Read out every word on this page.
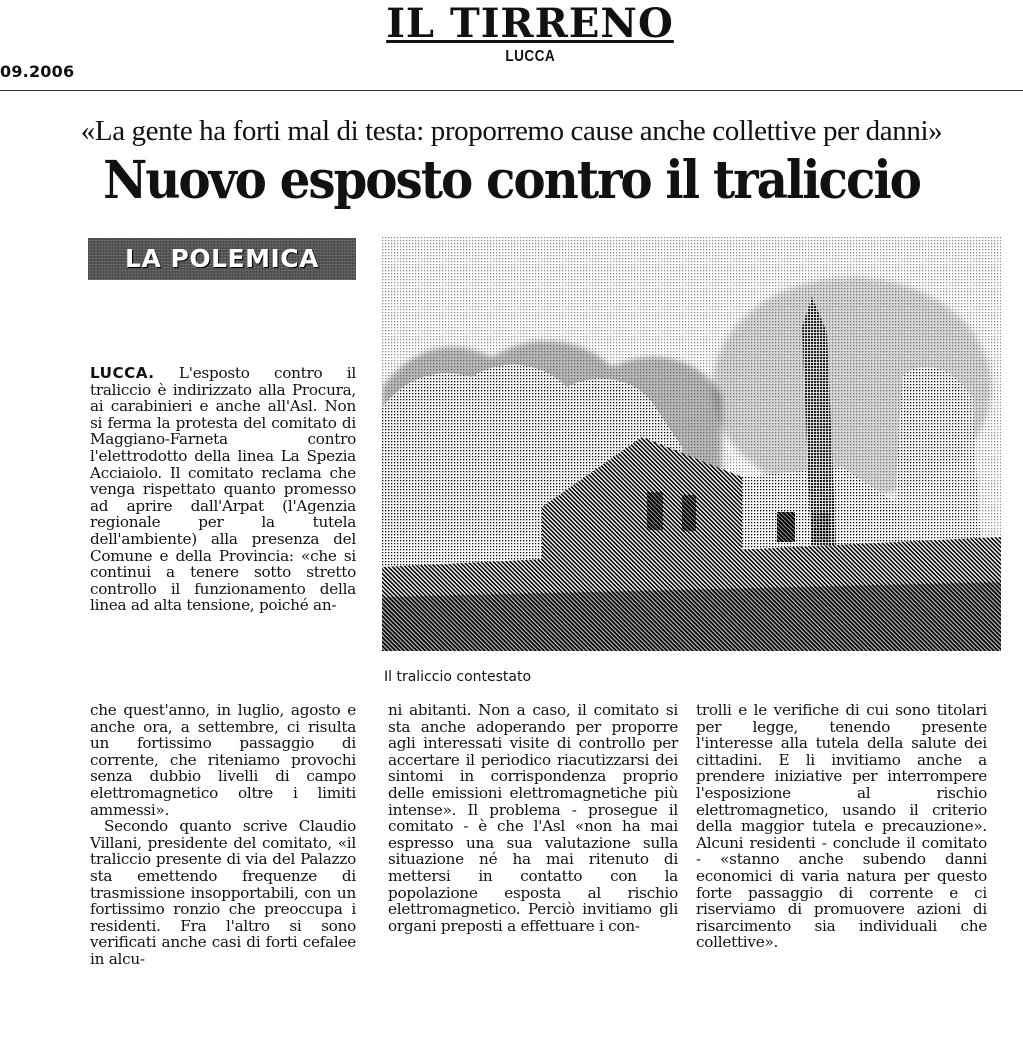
09.2006
IL TIRRENO
LUCCA
«La gente ha forti mal di testa: proporremo cause anche collettive per danni»
Nuovo esposto contro il traliccio
LA POLEMICA

LUCCA. L'esposto contro il traliccio è indirizzato alla Procura, ai carabinieri e anche all'Asl. Non si ferma la protesta del comitato di Maggiano-Farneta contro l'elettrodotto della linea La Spezia Acciaiolo. Il comitato reclama che venga rispettato quanto promesso ad aprire dall'Arpat (l'Agenzia regionale per la tutela dell'ambiente) alla presenza del Comune e della Provincia: «che si continui a tenere sotto stretto controllo il funzionamento della linea ad alta tensione, poiché an-

che quest'anno, in luglio, agosto e anche ora, a settembre, ci risulta un fortissimo passaggio di corrente, che riteniamo provochi senza dubbio livelli di campo elettromagnetico oltre i limiti ammessi».

Secondo quanto scrive Claudio Villani, presidente del comitato, «il traliccio presente di via del Palazzo sta emettendo frequenze di trasmissione insopportabili, con un fortissimo ronzio che preoccupa i residenti. Fra l'altro si sono verificati anche casi di forti cefalee in alcu-

ni abitanti. Non a caso, il comitato si sta anche adoperando per proporre agli interessati visite di controllo per accertare il periodico riacutizzarsi dei sintomi in corrispondenza proprio delle emissioni elettromagnetiche più intense». Il problema - prosegue il comitato - è che l'Asl «non ha mai espresso una sua valutazione sulla situazione né ha mai ritenuto di mettersi in contatto con la popolazione esposta al rischio elettromagnetico. Perciò invitiamo gli organi preposti a effettuare i con-

trolli e le verifiche di cui sono titolari per legge, tenendo presente l'interesse alla tutela della salute dei cittadini. E li invitiamo anche a prendere iniziative per interrompere l'esposizione al rischio elettromagnetico, usando il criterio della maggior tutela e precauzione». Alcuni residenti - conclude il comitato - «stanno anche subendo danni economici di varia natura per questo forte passaggio di corrente e ci riserviamo di promuovere azioni di risarcimento sia individuali che collettive».

Il traliccio contestato
